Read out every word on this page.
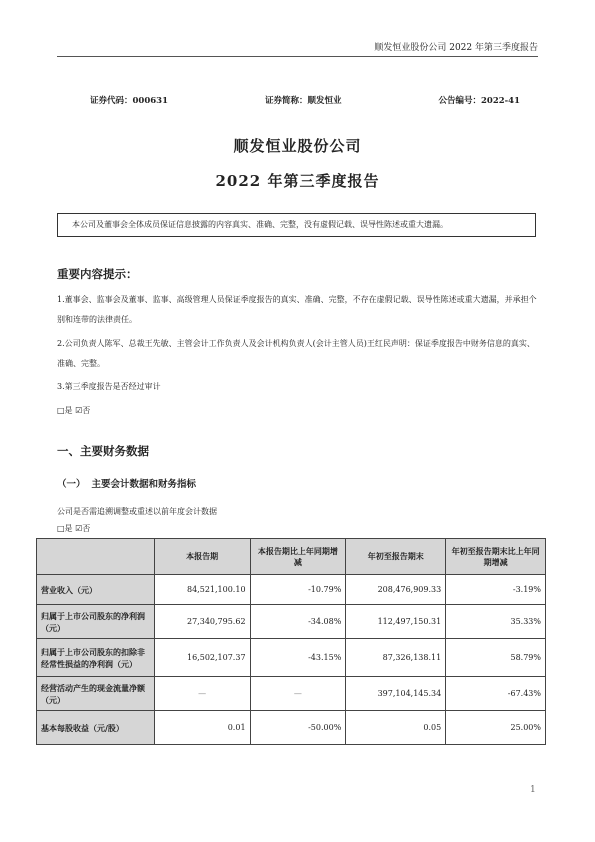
顺发恒业股份公司 2022 年第三季度报告
证券代码：000631	证券简称：顺发恒业	公告编号：2022-41
顺发恒业股份公司
2022 年第三季度报告
本公司及董事会全体成员保证信息披露的内容真实、准确、完整，没有虚假记载、误导性陈述或重大遗漏。
重要内容提示：
1.董事会、监事会及董事、监事、高级管理人员保证季度报告的真实、准确、完整，不存在虚假记载、误导性陈述或重大遗漏，并承担个别和连带的法律责任。
2.公司负责人陈军、总裁王先敏、主管会计工作负责人及会计机构负责人(会计主管人员)王红民声明：保证季度报告中财务信息的真实、准确、完整。
3.第三季度报告是否经过审计
□是 ☑否
一、主要财务数据
（一） 主要会计数据和财务指标
公司是否需追溯调整或重述以前年度会计数据
□是 ☑否
	本报告期	本报告期比上年同期增减	年初至报告期末	年初至报告期末比上年同期增减
营业收入（元）	84,521,100.10	-10.79%	208,476,909.33	-3.19%
归属于上市公司股东的净利润（元）	27,340,795.62	-34.08%	112,497,150.31	35.33%
归属于上市公司股东的扣除非经常性损益的净利润（元）	16,502,107.37	-43.15%	87,326,138.11	58.79%
经营活动产生的现金流量净额（元）	—	—	397,104,145.34	-67.43%
基本每股收益（元/股）	0.01	-50.00%	0.05	25.00%
1
